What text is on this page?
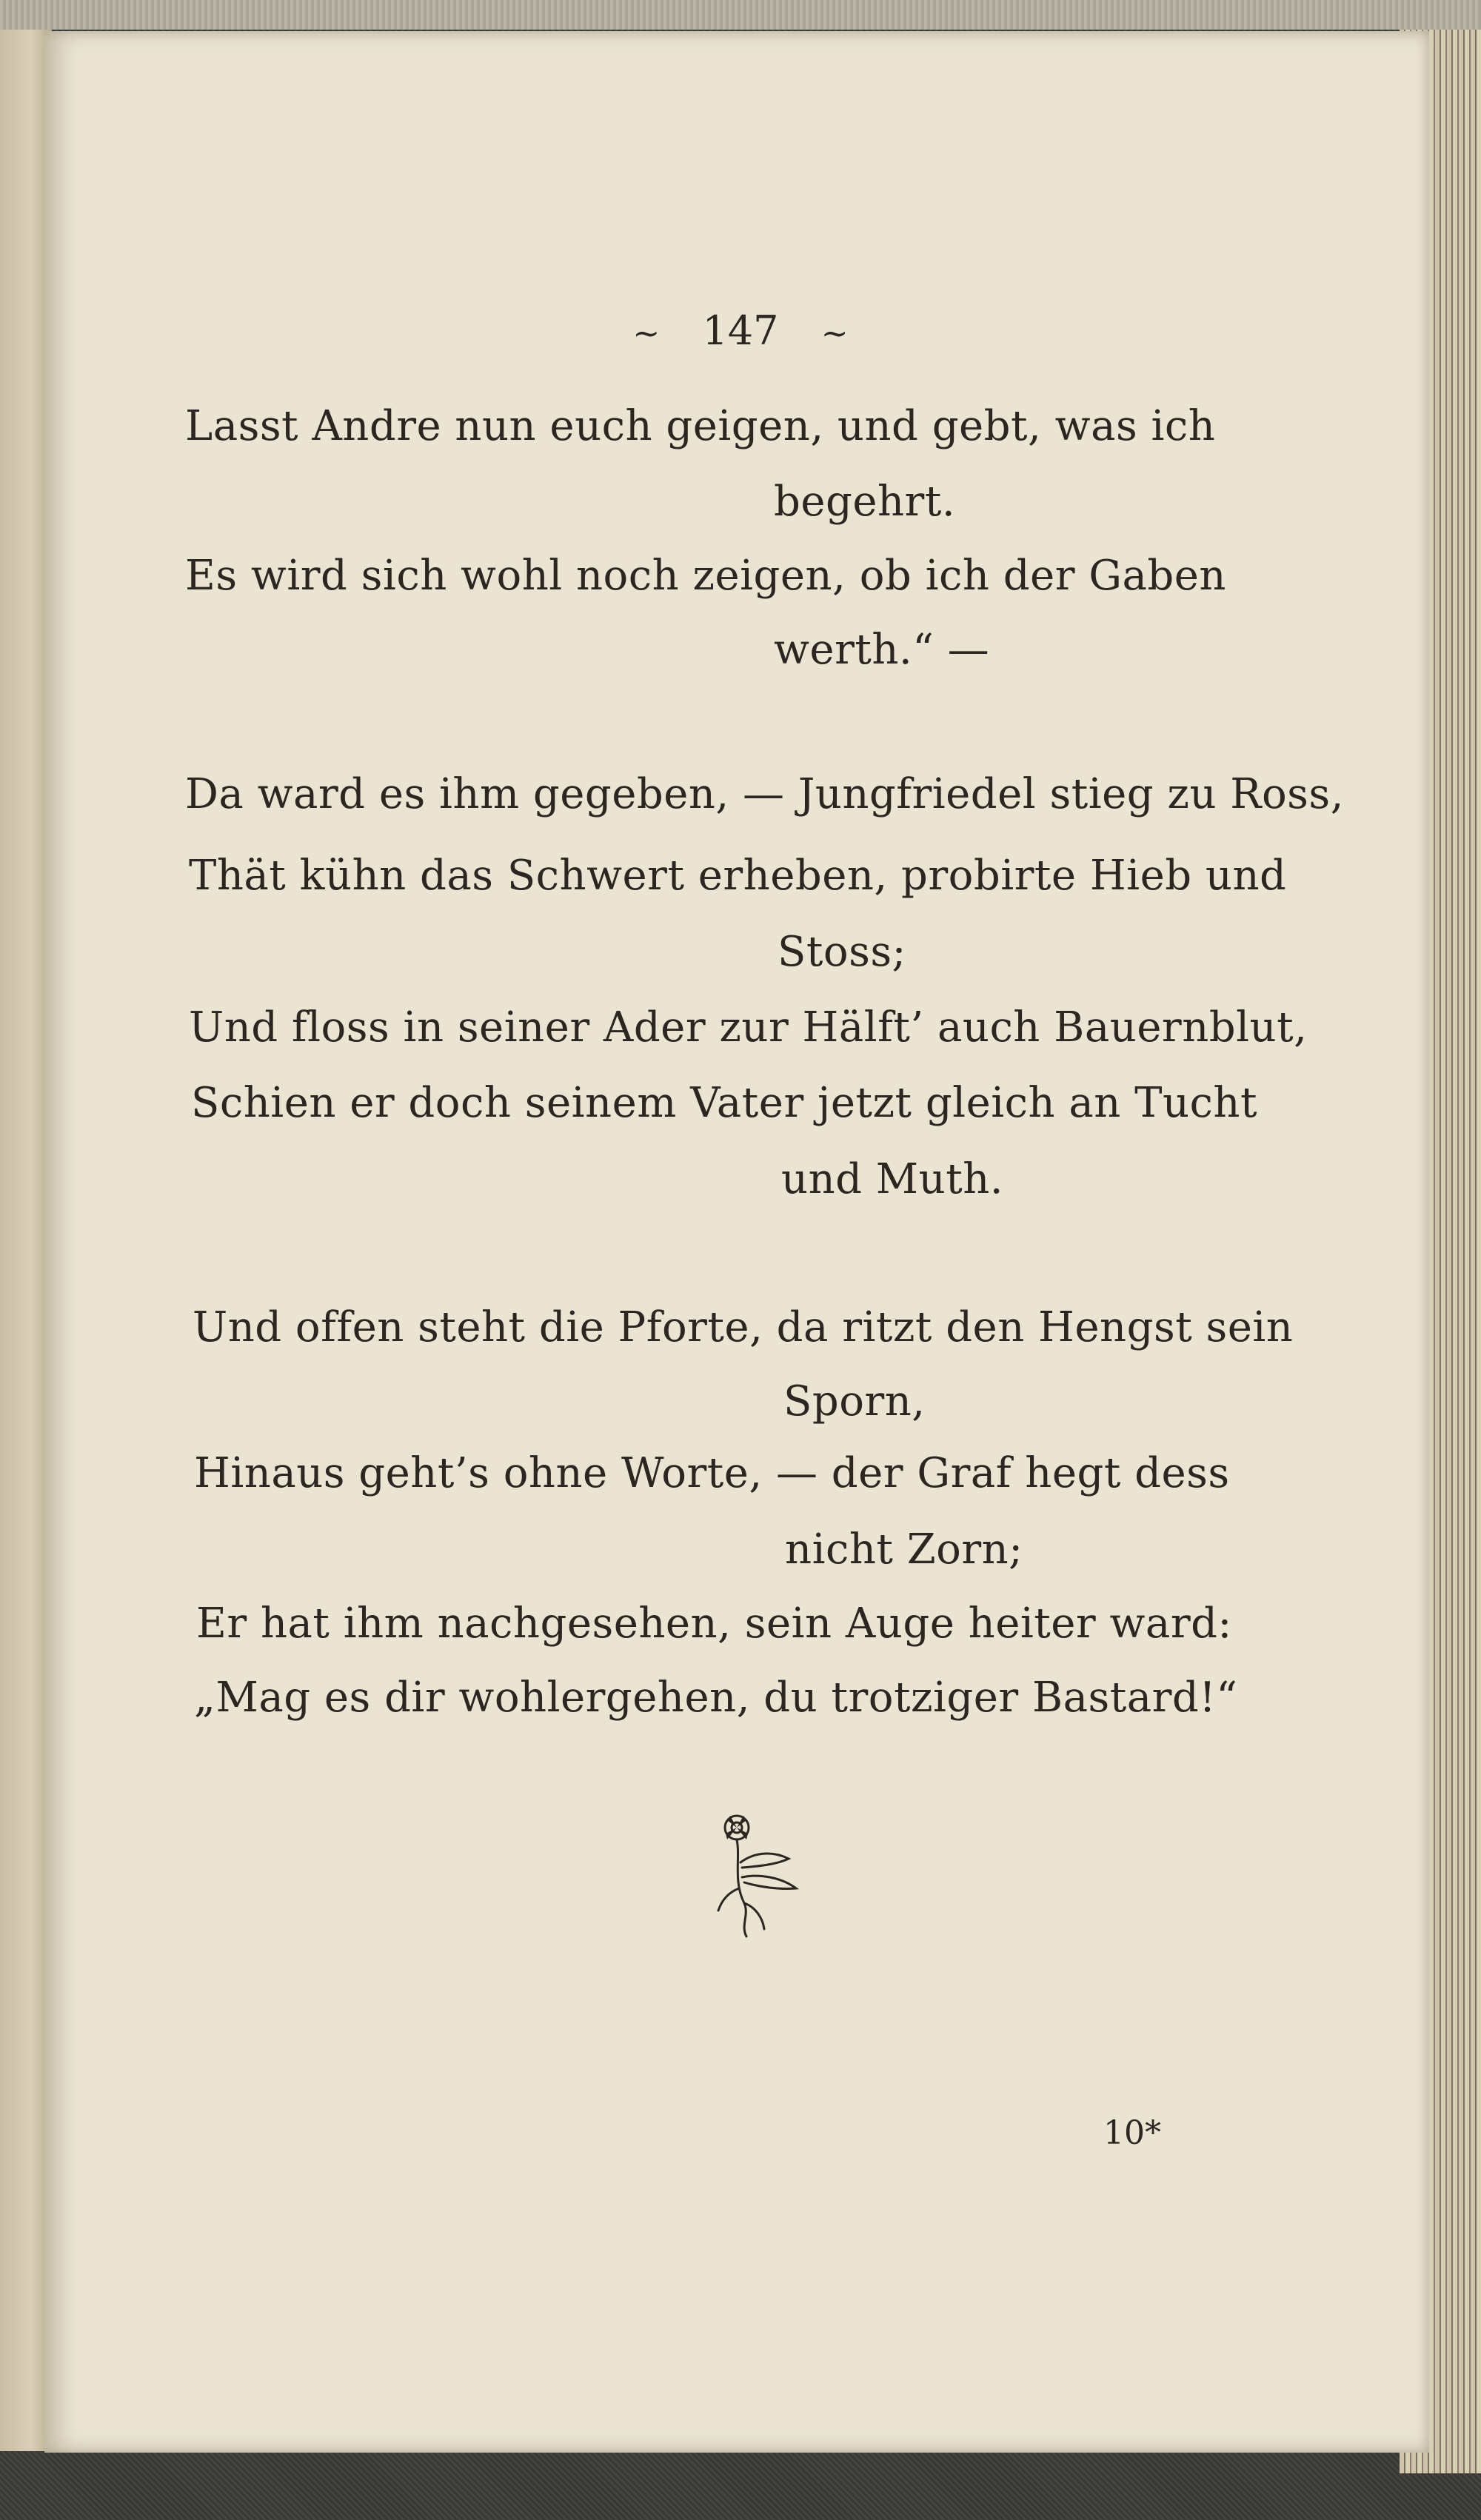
~ 147 ~
Lasst Andre nun euch geigen, und gebt, was ich
begehrt.
Es wird sich wohl noch zeigen, ob ich der Gaben
werth.“ —
Da ward es ihm gegeben, — Jungfriedel stieg zu Ross,
Thät kühn das Schwert erheben, probirte Hieb und
Stoss;
Und floss in seiner Ader zur Hälft’ auch Bauernblut,
Schien er doch seinem Vater jetzt gleich an Tucht
und Muth.
Und offen steht die Pforte, da ritzt den Hengst sein
Sporn,
Hinaus geht’s ohne Worte, — der Graf hegt dess
nicht Zorn;
Er hat ihm nachgesehen, sein Auge heiter ward:
„Mag es dir wohlergehen, du trotziger Bastard!“
10*
